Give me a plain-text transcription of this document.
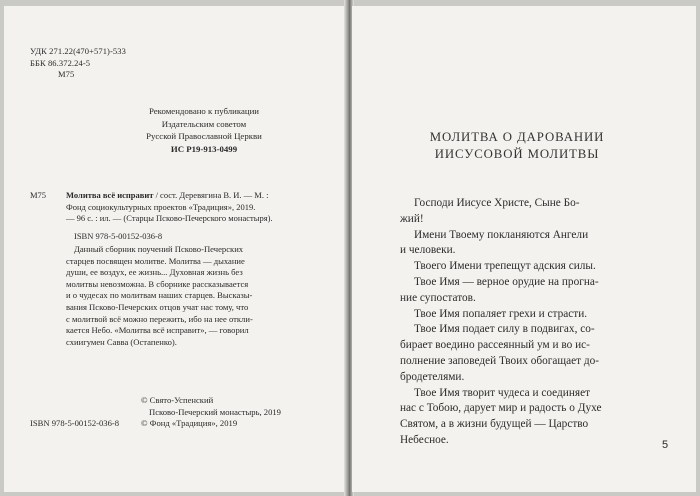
УДК 271.22(470+571)-533
ББК 86.372.24-5
М75
Рекомендовано к публикации
Издательским советом
Русской Православной Церкви
ИС Р19-913-0499
М75 Молитва всё исправит / сост. Деревягина В. И. — М. :
Фонд социокультурных проектов «Традиция», 2019.
— 96 с. : ил. — (Старцы Псково-Печерского монастыря).
ISBN 978-5-00152-036-8
Данный сборник поучений Псково-Печерских
старцев посвящен молитве. Молитва — дыхание
души, ее воздух, ее жизнь... Духовная жизнь без
молитвы невозможна. В сборнике рассказывается
и о чудесах по молитвам наших старцев. Высказы-
вания Псково-Печерских отцов учат нас тому, что
с молитвой всё можно пережить, ибо на нее откли-
кается Небо. «Молитва всё исправит», — говорил
схиигумен Савва (Остапенко).
© Свято-Успенский
Псково-Печерский монастырь, 2019
© Фонд «Традиция», 2019
ISBN 978-5-00152-036-8
МОЛИТВА О ДАРОВАНИИ
ИИСУСОВОЙ МОЛИТВЫ
Господи Иисусе Христе, Сыне Бо-
жий!
Имени Твоему покланяются Ангели
и человеки.
Твоего Имени трепещут адския силы.
Твое Имя — верное орудие на прогна-
ние супостатов.
Твое Имя попаляет грехи и страсти.
Твое Имя подает силу в подвигах, со-
бирает воедино рассеянный ум и во ис-
полнение заповедей Твоих обогащает до-
бродетелями.
Твое Имя творит чудеса и соединяет
нас с Тобою, дарует мир и радость о Духе
Святом, а в жизни будущей — Царство
Небесное.	5
